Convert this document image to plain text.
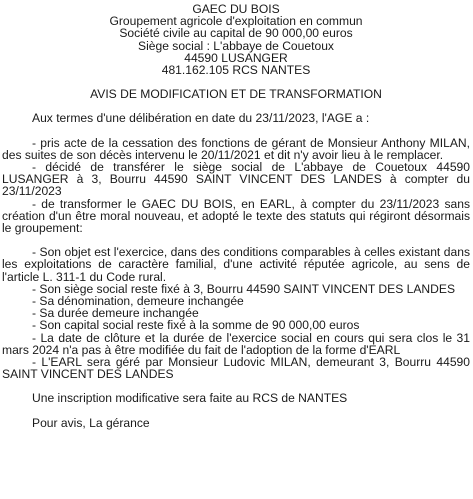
GAEC DU BOIS
Groupement agricole d'exploitation en commun
Société civile au capital de 90 000,00 euros
Siège social : L'abbaye de Couetoux
44590 LUSANGER
481.162.105 RCS NANTES
AVIS DE MODIFICATION ET DE TRANSFORMATION

Aux termes d'une délibération en date du 23/11/2023, l'AGE a :

- pris acte de la cessation des fonctions de gérant de Monsieur Anthony MILAN, des suites de son décès intervenu le 20/11/2021 et dit n'y avoir lieu à le remplacer.

- décidé de transférer le siège social de L'abbaye de Couetoux 44590 LUSANGER à 3, Bourru 44590 SAINT VINCENT DES LANDES à compter du 23/11/2023

- de transformer le GAEC DU BOIS, en EARL, à compter du 23/11/2023 sans création d'un être moral nouveau, et adopté le texte des statuts qui régiront désormais le groupement:

- Son objet est l'exercice, dans des conditions comparables à celles existant dans les exploitations de caractère familial, d'une activité réputée agricole, au sens de l'article L. 311-1 du Code rural.

- Son siège social reste fixé à 3, Bourru 44590 SAINT VINCENT DES LANDES

- Sa dénomination, demeure inchangée

- Sa durée demeure inchangée

- Son capital social reste fixé à la somme de 90 000,00 euros

- La date de clôture et la durée de l'exercice social en cours qui sera clos le 31 mars 2024 n'a pas à être modifiée du fait de l'adoption de la forme d'EARL

- L'EARL sera géré par Monsieur Ludovic MILAN, demeurant 3, Bourru 44590 SAINT VINCENT DES LANDES

Une inscription modificative sera faite au RCS de NANTES

Pour avis, La gérance
